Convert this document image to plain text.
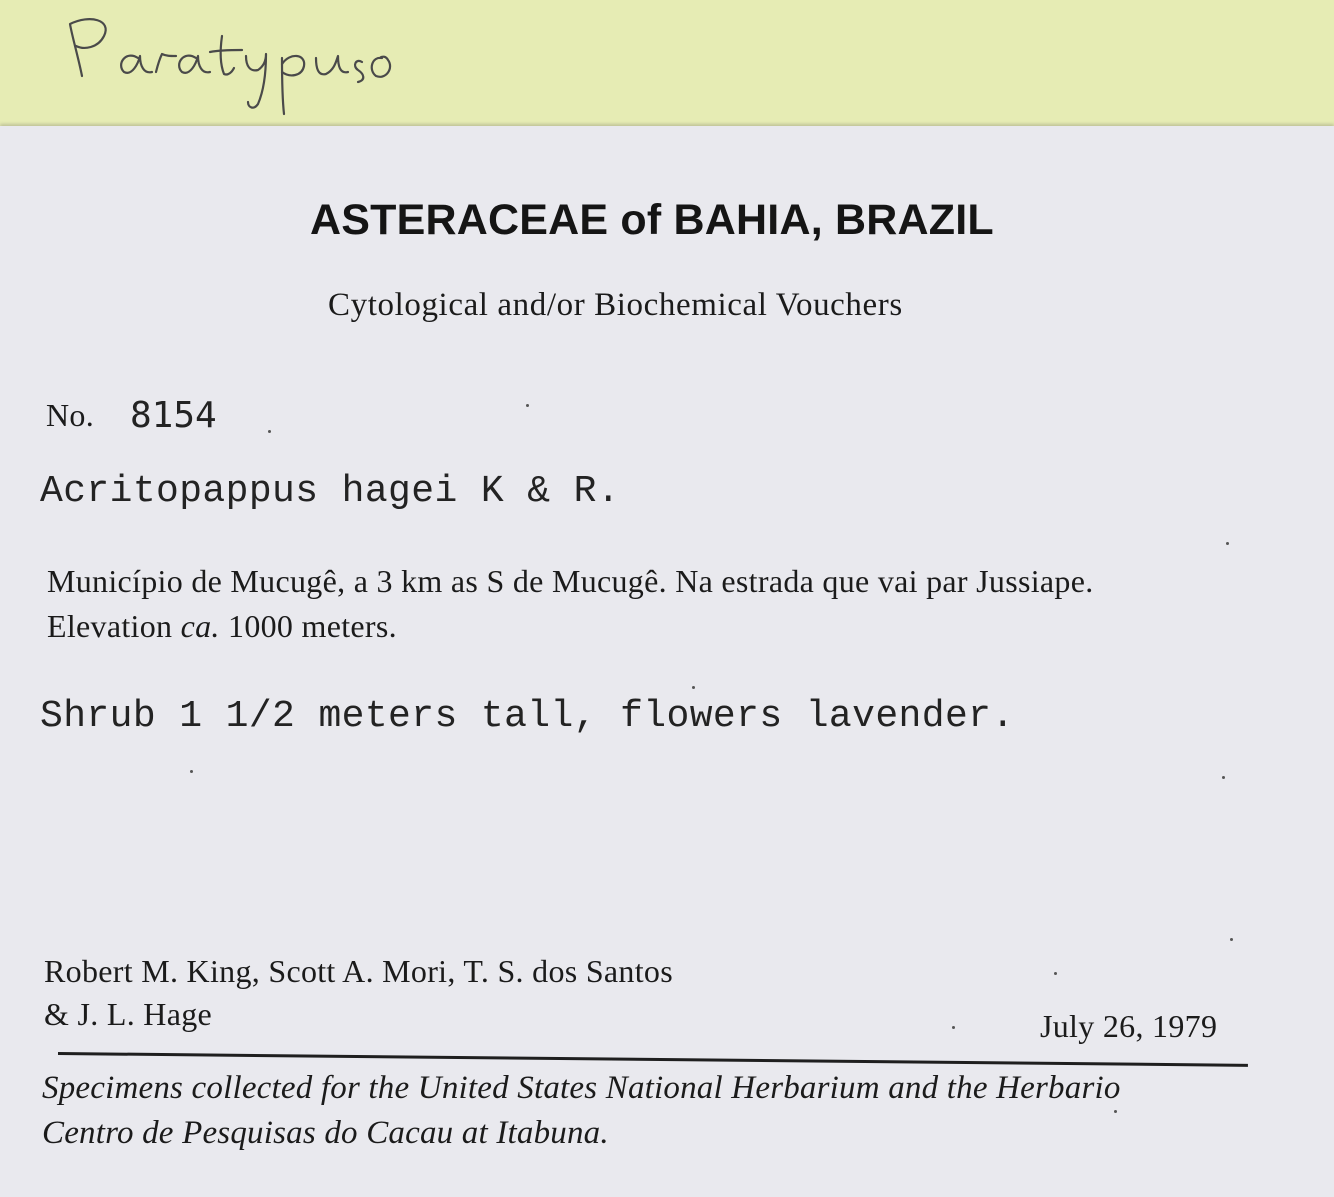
ASTERACEAE of BAHIA, BRAZIL

Cytological and/or Biochemical Vouchers

No. 8154

Acritopappus hagei K & R.

Município de Mucugê, a 3 km as S de Mucugê. Na estrada que vai par Jussiape.

Elevation ca. 1000 meters.

Shrub 1 1/2 meters tall, flowers lavender.

Robert M. King, Scott A. Mori, T. S. dos Santos

& J. L. Hage	July 26, 1979

Specimens collected for the United States National Herbarium and the Herbario

Centro de Pesquisas do Cacau at Itabuna.
